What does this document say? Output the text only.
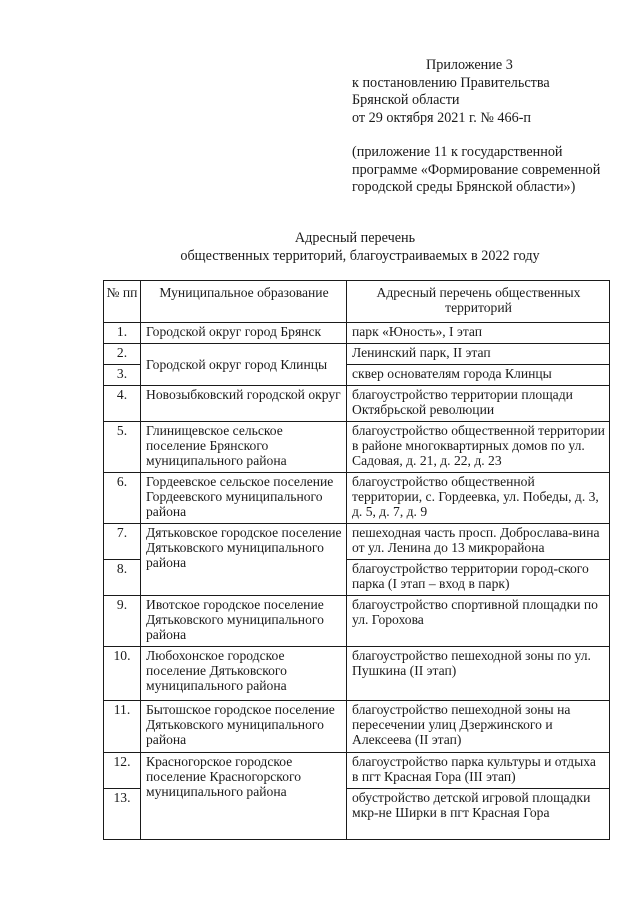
Приложение 3
к постановлению Правительства
Брянской области
от 29 октября 2021 г. № 466-п
(приложение 11 к государственной
программе «Формирование современной
городской среды Брянской области»)
Адресный перечень
общественных территорий, благоустраиваемых в 2022 году
№ пп	Муниципальное образование	Адресный перечень общественных территорий
1.	Городской округ город Брянск	парк «Юность», I этап
2.	Городской округ город Клинцы	Ленинский парк, II этап
3.		сквер основателям города Клинцы
4.	Новозыбковский городской округ	благоустройство территории площади Октябрьской революции
5.	Глинищевское сельское поселение Брянского муниципального района	благоустройство общественной территории в районе многоквартирных домов по ул. Садовая, д. 21, д. 22, д. 23
6.	Гордеевское сельское поселение Гордеевского муниципального района	благоустройство общественной территории, с. Гордеевка, ул. Победы, д. 3, д. 5, д. 7, д. 9
7.	Дятьковское городское поселение Дятьковского муниципального района	пешеходная часть просп. Доброслава-вина от ул. Ленина до 13 микрорайона
8.		благоустройство территории город-ского парка (I этап – вход в парк)
9.	Ивотское городское поселение Дятьковского муниципального района	благоустройство спортивной площадки по ул. Горохова
10.	Любохонское городское поселение Дятьковского муниципального района	благоустройство пешеходной зоны по ул. Пушкина (II этап)
11.	Бытошское городское поселение Дятьковского муниципального района	благоустройство пешеходной зоны на пересечении улиц Дзержинского и Алексеева (II этап)
12.	Красногорское городское поселение Красногорского муниципального района	благоустройство парка культуры и отдыха в пгт Красная Гора (III этап)
13.		обустройство детской игровой площадки мкр-не Ширки в пгт Красная Гора
